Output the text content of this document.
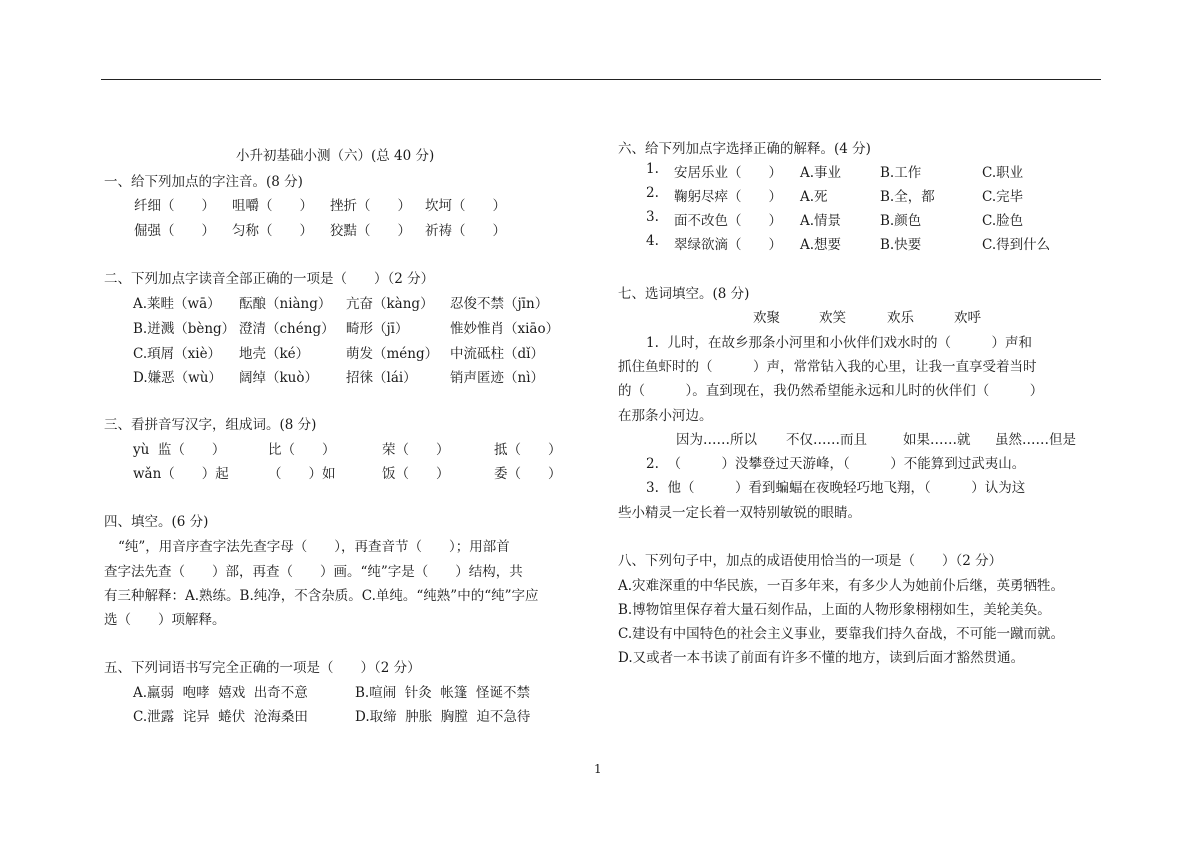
小升初基础小测（六）(总 40 分)
一、给下列加点的字注音。(8 分)
纤细（　　） 咀嚼（　　） 挫折（　　） 坎坷（　　）
倔强（　　） 匀称（　　） 狡黠（　　） 祈祷（　　）
二、下列加点字读音全部正确的一项是（　　）（2 分）
A.莱畦（wā） 酝酿（niàng） 亢奋（kàng） 忍俊不禁（jīn）
B.迸溅（bèng） 澄清（chéng） 畸形（jī）	惟妙惟肖（xiāo）
C.頊屑（xiè） 地壳（ké）	萌发（méng） 中流砥柱（dǐ）
D.嫌恶（wù） 阔绰（kuò） 招徕（lái） 销声匿迹（nì）
三、看拼音写汉字，组成词。(8 分)
yù  监（　　）	比（　　）	荣（　　）	抵（　　）
wǎn（　　）起	（　　）如	饭（　　）	委（　　）
四、填空。(6 分)
“纯”，用音序查字法先查字母（　　），再查音节（　　）；用部首
查字法先查（　　）部，再查（　　）画。“纯”字是（　　）结构，共
有三种解释：A.熟练。B.纯净，不含杂质。C.单纯。“纯熟”中的“纯”字应
选（　　）项解释。
五、下列词语书写完全正确的一项是（　　）（2 分）
A.羸弱  咆哮  嬉戏  出奇不意	B.喧闹  针灸  帐篷  怪诞不禁
C.泄露  诧异  蜷伏  沧海桑田	D.取缔  肿胀  胸膛  迫不急待
六、给下列加点字选择正确的解释。(4 分)
1. 安居乐业（　　） A.事业	B.工作	C.职业
2. 鞠躬尽瘁（　　） A.死	B.全，都	C.完毕
3. 面不改色（　　） A.情景	B.颜色	C.脸色
4. 翠绿欲滴（　　） A.想要	B.快要	C.得到什么
七、选词填空。(8 分)
欢聚	欢笑	欢乐	欢呼
1.  儿时，在故乡那条小河里和小伙伴们戏水时的（　　　）声和
抓住鱼虾时的（　　　）声，常常钻入我的心里，让我一直享受着当时
的（　　　）。直到现在，我仍然希望能永远和儿时的伙伴们（　　　）
在那条小河边。
因为……所以 不仅……而且	如果……就 虽然……但是
2.  （　　　）没攀登过天游峰，（　　　）不能算到过武夷山。
3.  他（　　　）看到蝙蝠在夜晚轻巧地飞翔，（　　　）认为这
些小精灵一定长着一双特别敏锐的眼睛。
八、下列句子中，加点的成语使用恰当的一项是（　　）（2 分）
A.灾难深重的中华民族，一百多年来，有多少人为她前仆后继，英勇牺牲。
B.博物馆里保存着大量石刻作品，上面的人物形象栩栩如生，美轮美奂。
C.建设有中国特色的社会主义事业，要靠我们持久奋战，不可能一蹴而就。
D.又或者一本书读了前面有许多不懂的地方，读到后面才豁然贯通。
1
